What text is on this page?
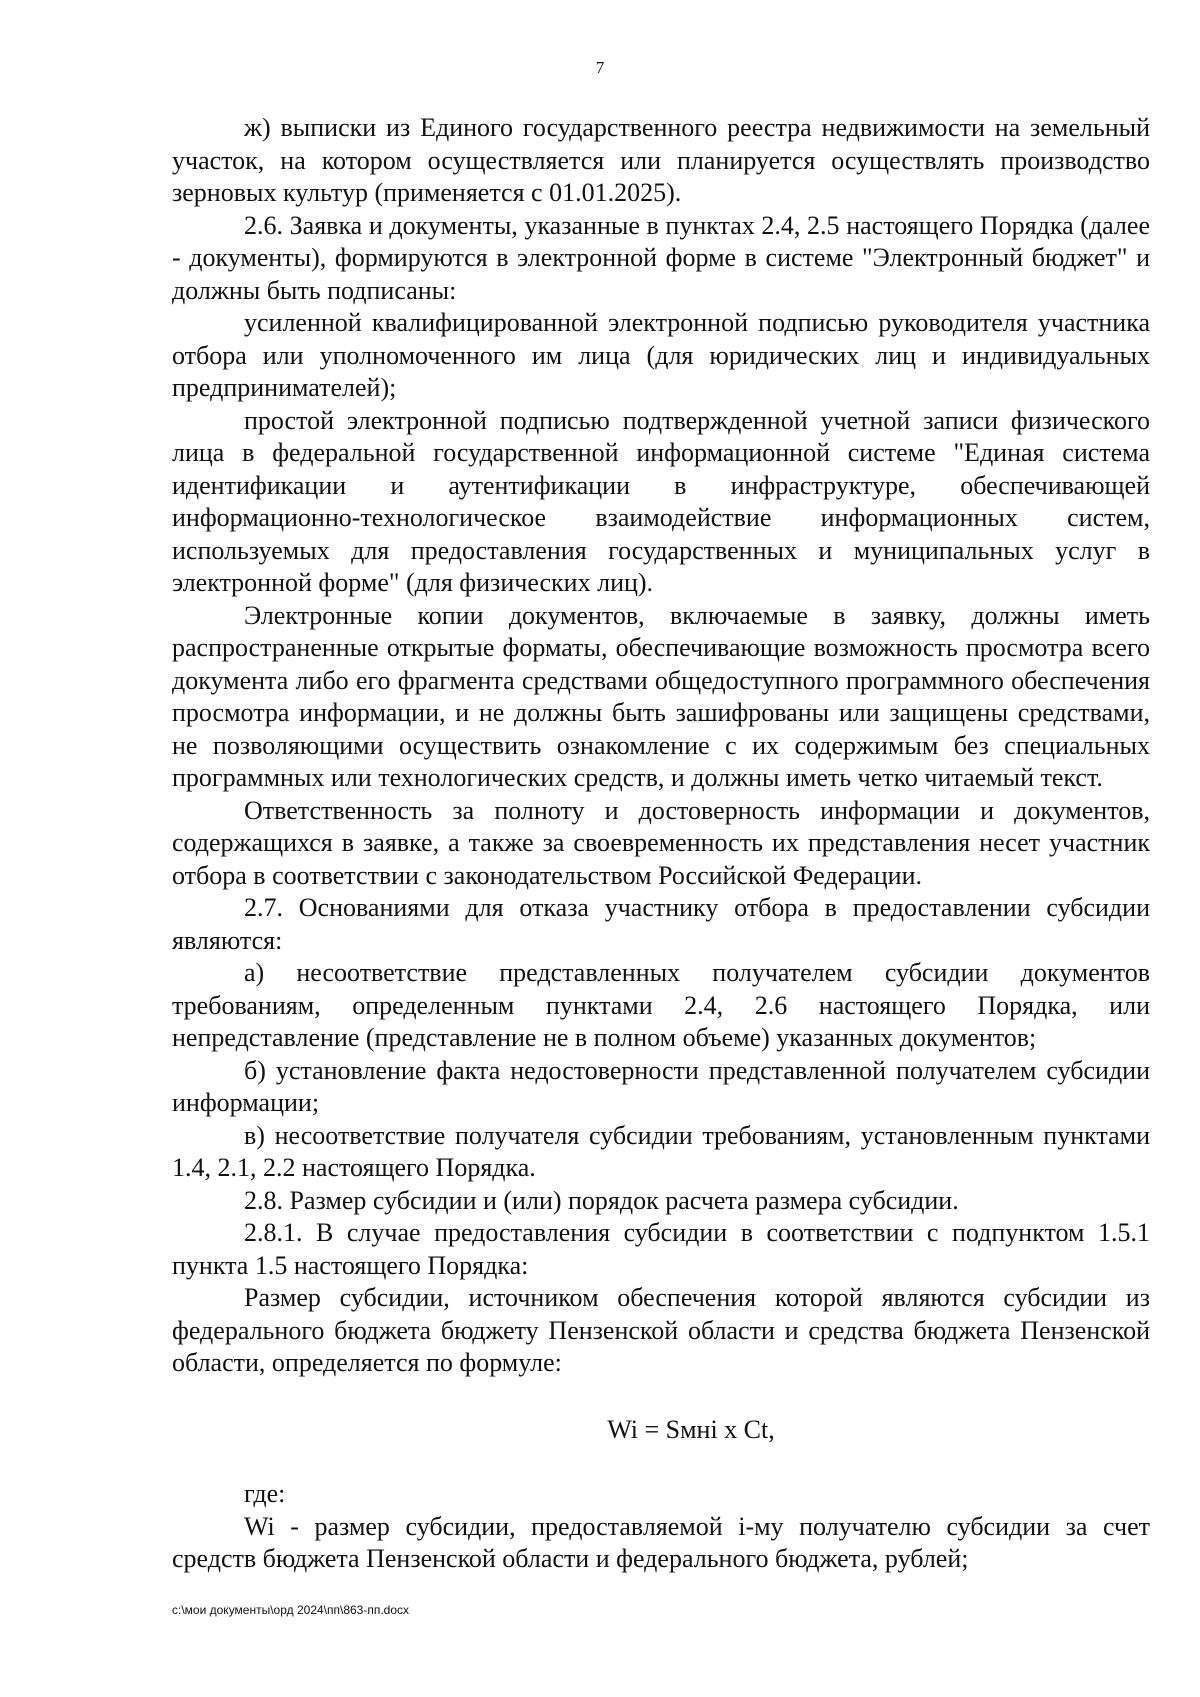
7

ж) выписки из Единого государственного реестра недвижимости на земельный участок, на котором осуществляется или планируется осуществлять производство зерновых культур (применяется с 01.01.2025).

2.6. Заявка и документы, указанные в пунктах 2.4, 2.5 настоящего Порядка (далее - документы), формируются в электронной форме в системе "Электронный бюджет" и должны быть подписаны:

усиленной квалифицированной электронной подписью руководителя участника отбора или уполномоченного им лица (для юридических лиц и индивидуальных предпринимателей);

простой электронной подписью подтвержденной учетной записи физического лица в федеральной государственной информационной системе "Единая система идентификации и аутентификации в инфраструктуре, обеспечивающей информационно-технологическое взаимодействие информационных систем, используемых для предоставления государственных и муниципальных услуг в электронной форме" (для физических лиц).

Электронные копии документов, включаемые в заявку, должны иметь распространенные открытые форматы, обеспечивающие возможность просмотра всего документа либо его фрагмента средствами общедоступного программного обеспечения просмотра информации, и не должны быть зашифрованы или защищены средствами, не позволяющими осуществить ознакомление с их содержимым без специальных программных или технологических средств, и должны иметь четко читаемый текст.

Ответственность за полноту и достоверность информации и документов, содержащихся в заявке, а также за своевременность их представления несет участник отбора в соответствии с законодательством Российской Федерации.

2.7. Основаниями для отказа участнику отбора в предоставлении субсидии являются:

а) несоответствие представленных получателем субсидии документов требованиям, определенным пунктами 2.4, 2.6 настоящего Порядка, или непредставление (представление не в полном объеме) указанных документов;

б) установление факта недостоверности представленной получателем субсидии информации;

в) несоответствие получателя субсидии требованиям, установленным пунктами 1.4, 2.1, 2.2 настоящего Порядка.

2.8. Размер субсидии и (или) порядок расчета размера субсидии.

2.8.1. В случае предоставления субсидии в соответствии с подпунктом 1.5.1 пункта 1.5 настоящего Порядка:

Размер субсидии, источником обеспечения которой являются субсидии из федерального бюджета бюджету Пензенской области и средства бюджета Пензенской области, определяется по формуле:

Wi = Sмнi x Ct,

где:

Wi - размер субсидии, предоставляемой i-му получателю субсидии за счет средств бюджета Пензенской области и федерального бюджета, рублей;

c:\мои документы\орд 2024\пп\863-пп.docx
